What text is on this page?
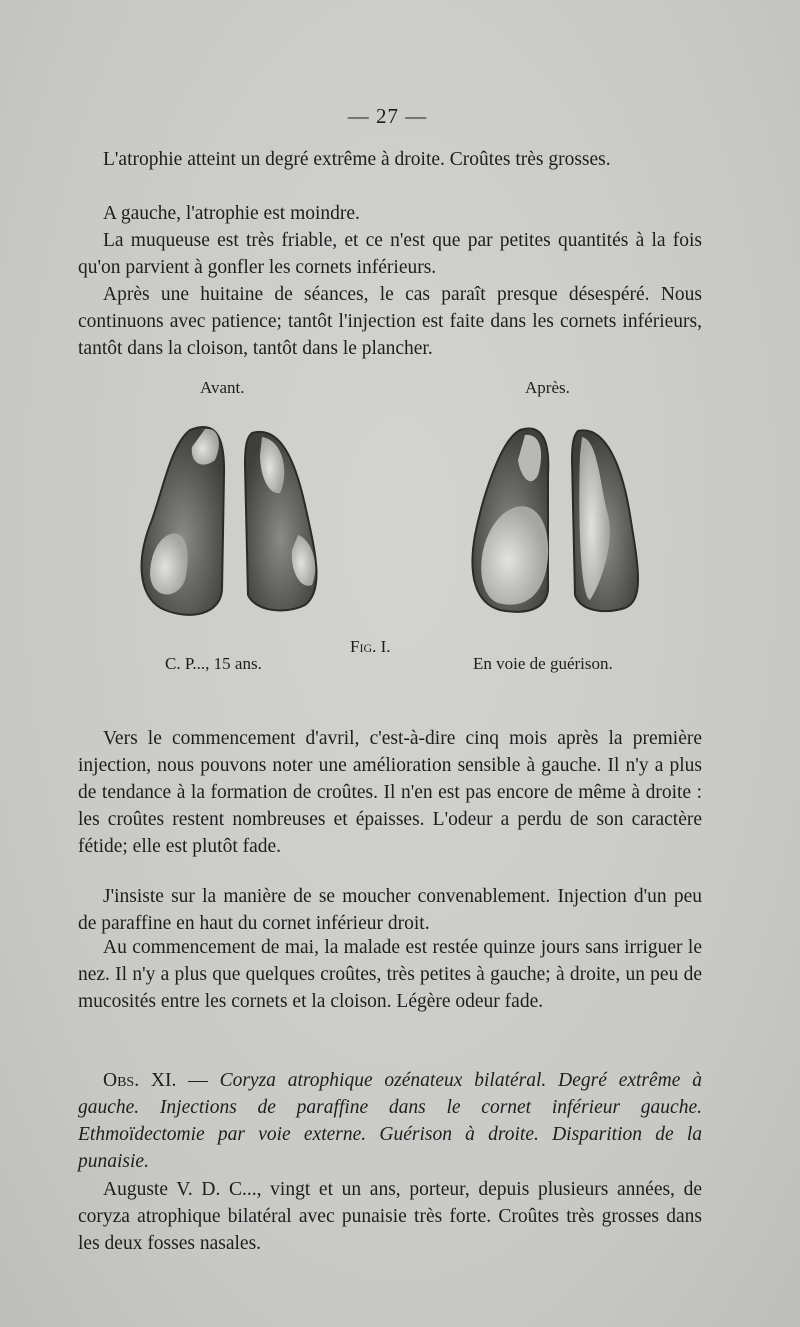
— 27 —

L'atrophie atteint un degré extrême à droite. Croûtes très grosses.

A gauche, l'atrophie est moindre.

La muqueuse est très friable, et ce n'est que par petites quantités à la fois qu'on parvient à gonfler les cornets inférieurs.

Après une huitaine de séances, le cas paraît presque désespéré. Nous continuons avec patience; tantôt l'injection est faite dans les cornets inférieurs, tantôt dans la cloison, tantôt dans le plancher.

Avant.	Après.
Fig. I.
C. P..., 15 ans.	En voie de guérison.

Vers le commencement d'avril, c'est-à-dire cinq mois après la première injection, nous pouvons noter une amélioration sensible à gauche. Il n'y a plus de tendance à la formation de croûtes. Il n'en est pas encore de même à droite : les croûtes restent nombreuses et épaisses. L'odeur a perdu de son caractère fétide; elle est plutôt fade.

J'insiste sur la manière de se moucher convenablement. Injection d'un peu de paraffine en haut du cornet inférieur droit.

Au commencement de mai, la malade est restée quinze jours sans irriguer le nez. Il n'y a plus que quelques croûtes, très petites à gauche; à droite, un peu de mucosités entre les cornets et la cloison. Légère odeur fade.

Obs. XI. — Coryza atrophique ozénateux bilatéral. Degré extrême à gauche. Injections de paraffine dans le cornet inférieur gauche. Ethmoïdectomie par voie externe. Guérison à droite. Disparition de la punaisie.

Auguste V. D. C..., vingt et un ans, porteur, depuis plusieurs années, de coryza atrophique bilatéral avec punaisie très forte. Croûtes très grosses dans les deux fosses nasales.
